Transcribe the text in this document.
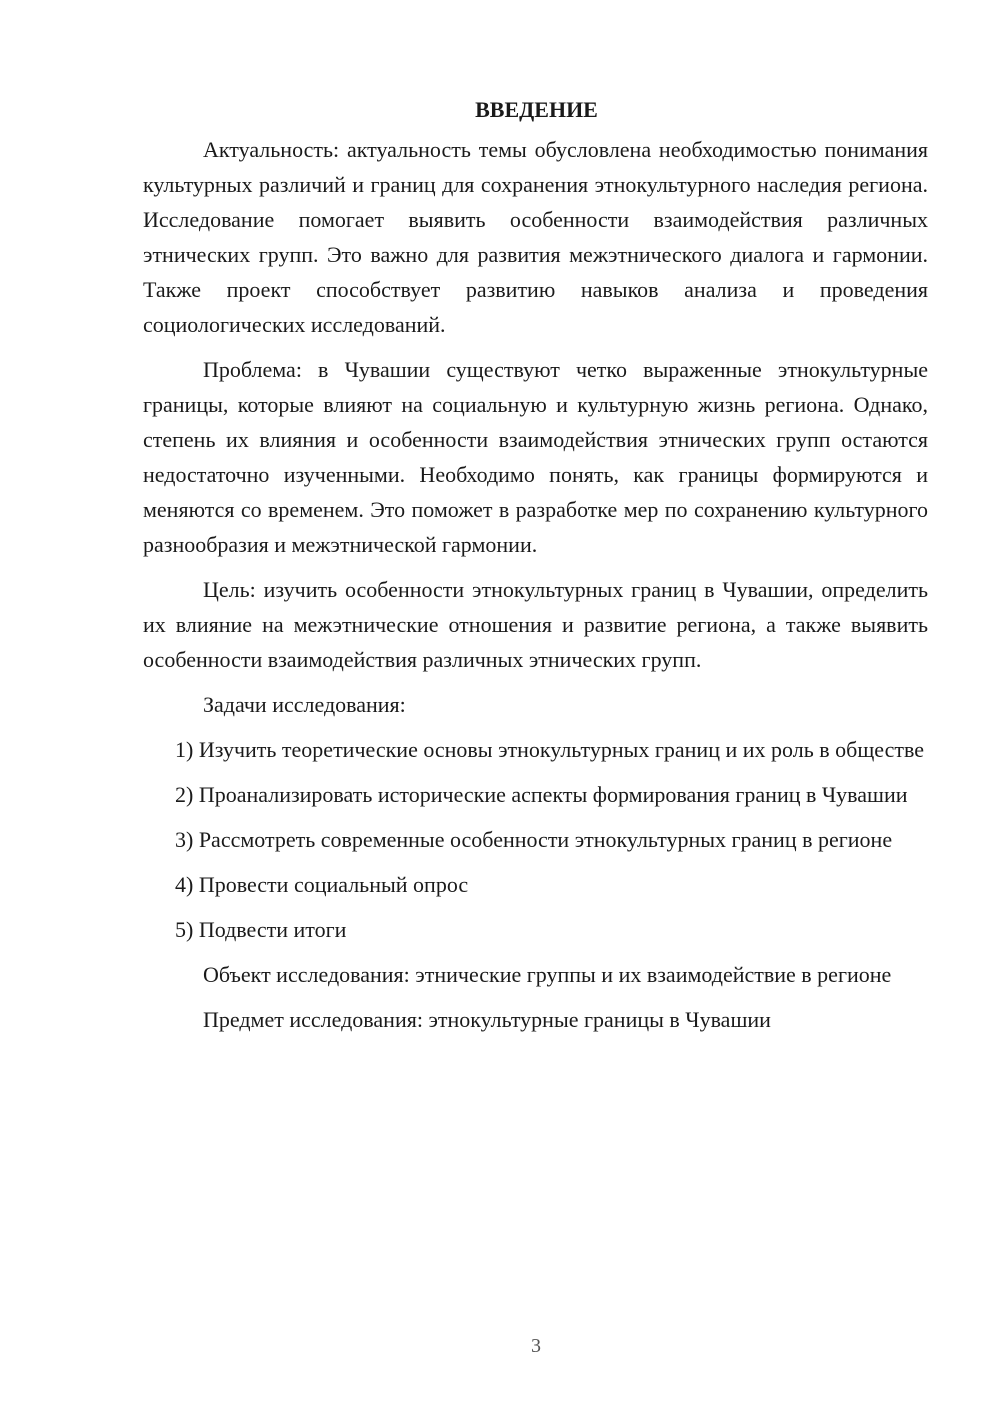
ВВЕДЕНИЕ

Актуальность: актуальность темы обусловлена необходимостью понимания культурных различий и границ для сохранения этнокультурного наследия региона. Исследование помогает выявить особенности взаимодействия различных этнических групп. Это важно для развития межэтнического диалога и гармонии. Также проект способствует развитию навыков анализа и проведения социологических исследований.

Проблема: в Чувашии существуют четко выраженные этнокультурные границы, которые влияют на социальную и культурную жизнь региона. Однако, степень их влияния и особенности взаимодействия этнических групп остаются недостаточно изученными. Необходимо понять, как границы формируются и меняются со временем. Это поможет в разработке мер по сохранению культурного разнообразия и межэтнической гармонии.

Цель: изучить особенности этнокультурных границ в Чувашии, определить их влияние на межэтнические отношения и развитие региона, а также выявить особенности взаимодействия различных этнических групп.

Задачи исследования:

1) Изучить теоретические основы этнокультурных границ и их роль в обществе

2) Проанализировать исторические аспекты формирования границ в Чувашии

3) Рассмотреть современные особенности этнокультурных границ в регионе

4) Провести социальный опрос

5) Подвести итоги

Объект исследования: этнические группы и их взаимодействие в регионе

Предмет исследования: этнокультурные границы в Чувашии

3
